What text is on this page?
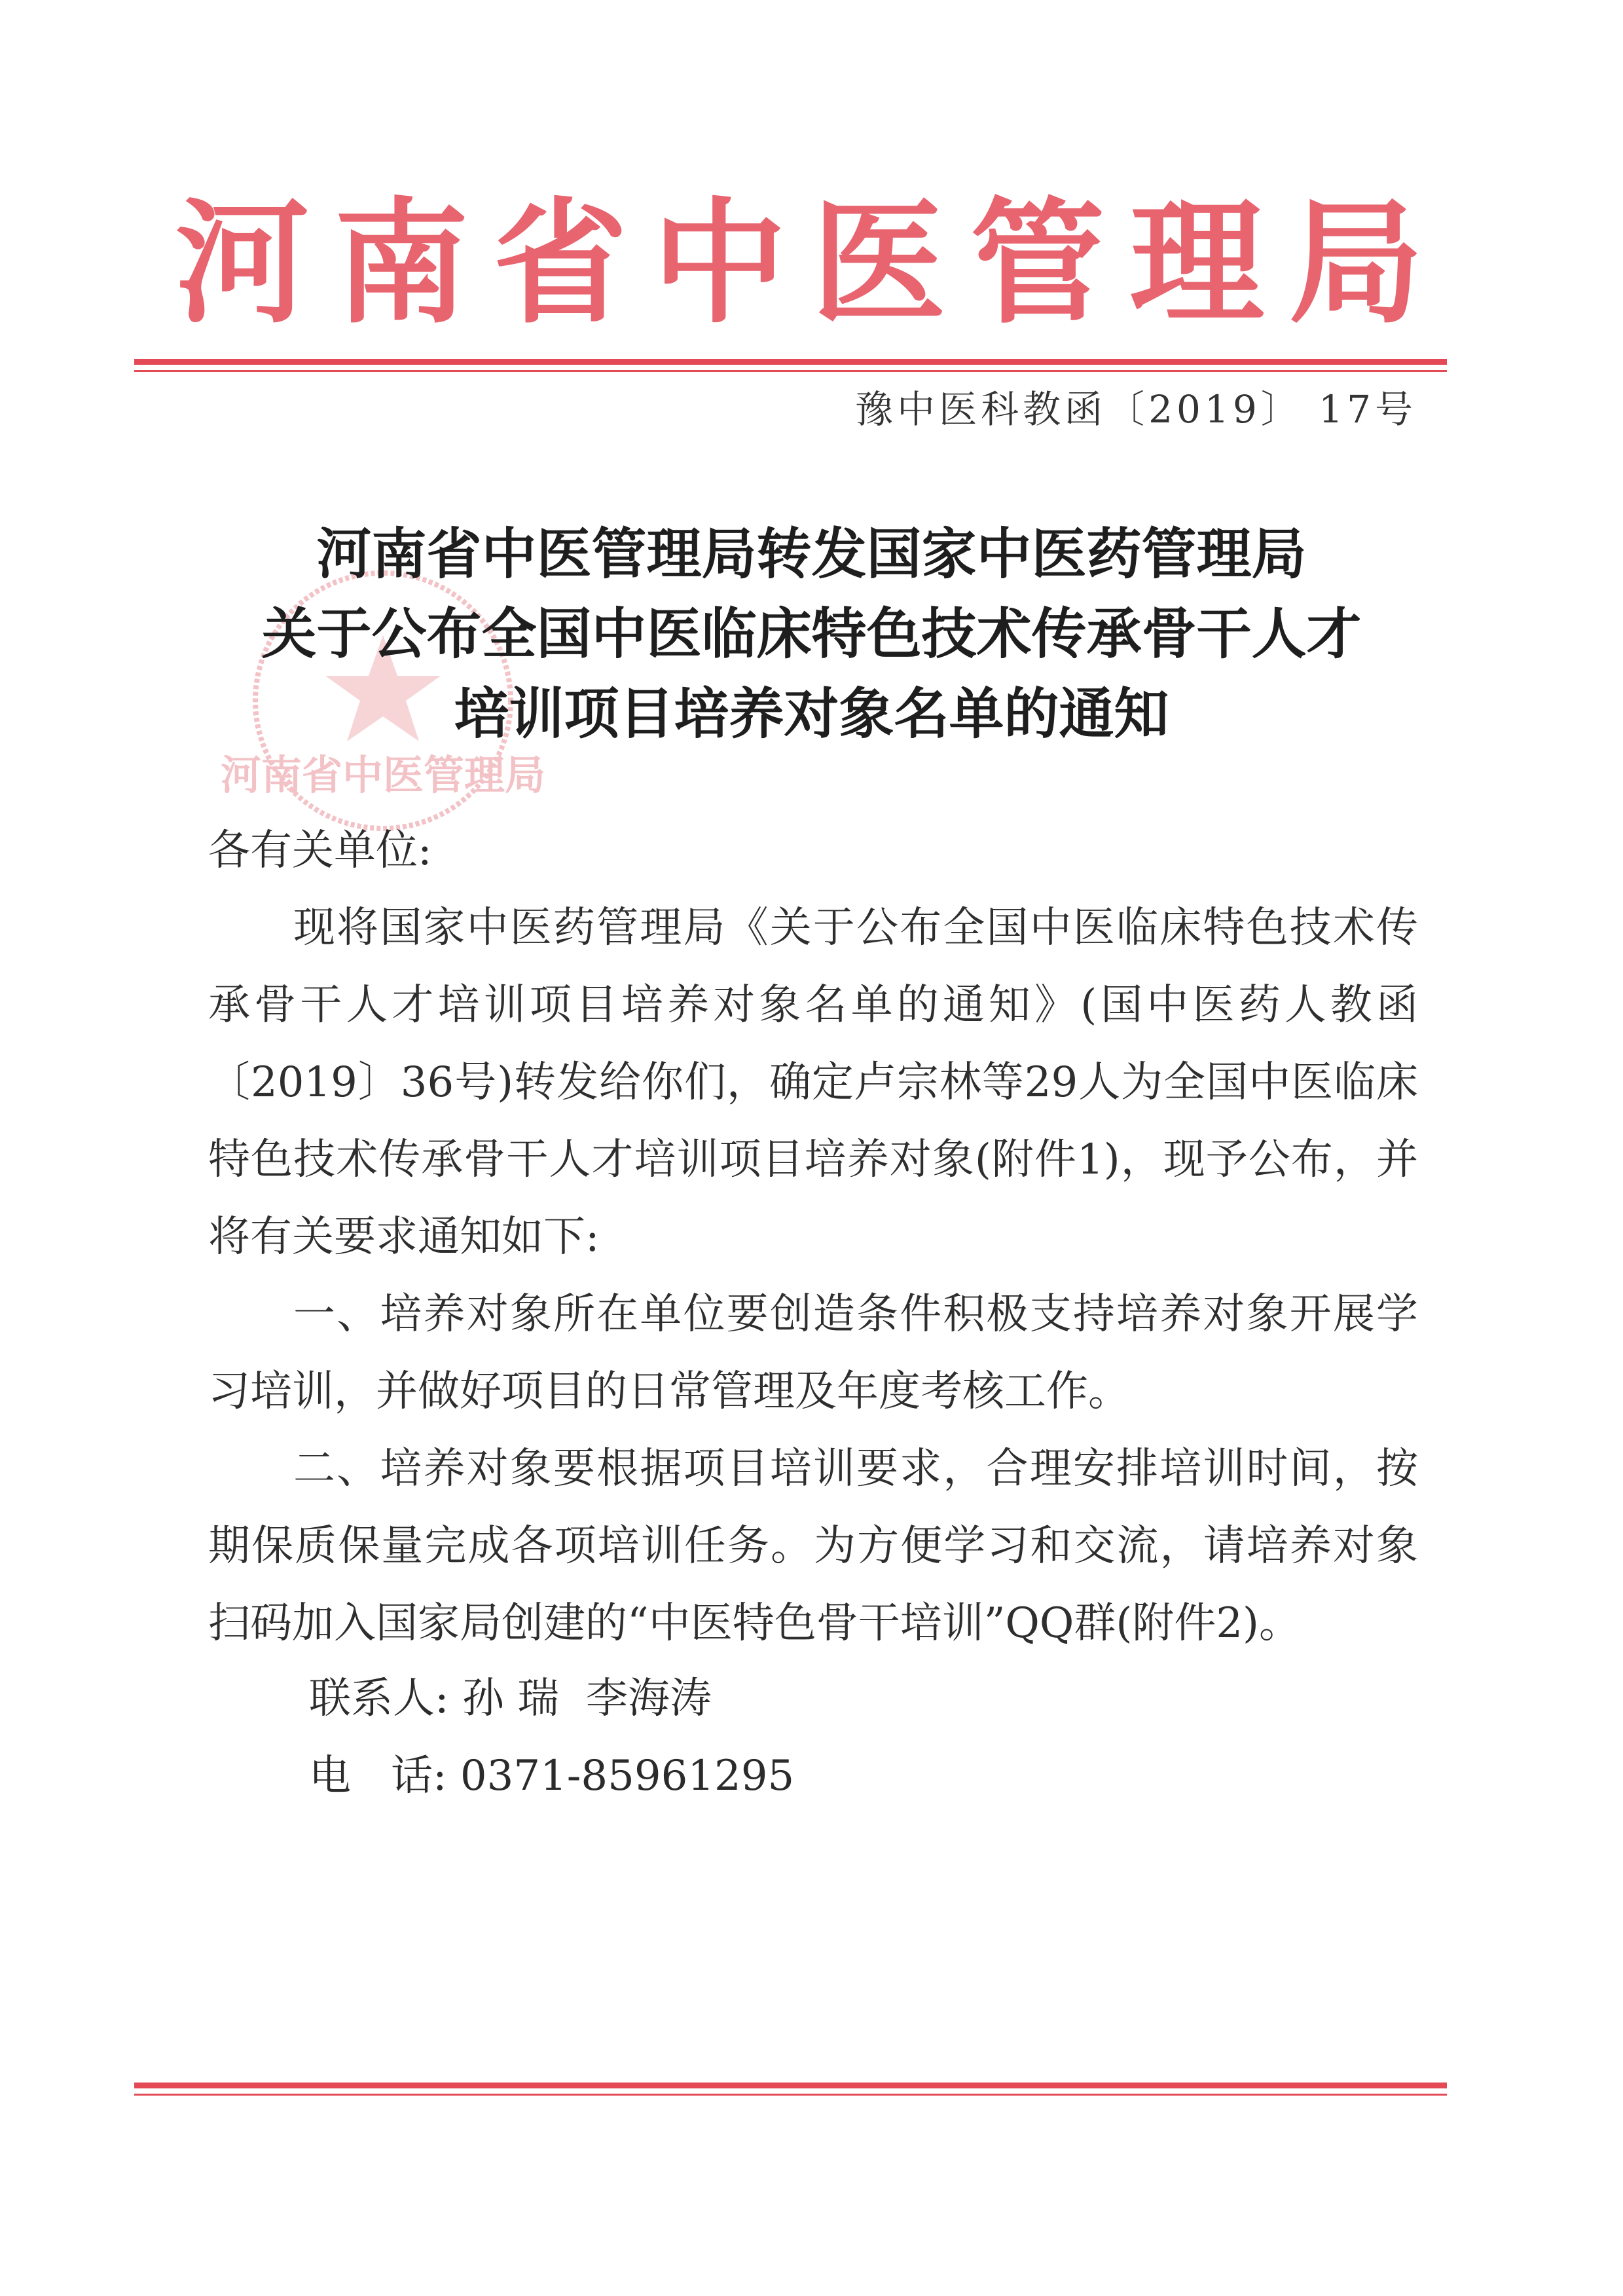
河南省中医管理局
豫中医科教函〔2019〕 17号
河南省中医管理局
河南省中医管理局转发国家中医药管理局
关于公布全国中医临床特色技术传承骨干人才
培训项目培养对象名单的通知
各有关单位:

现将国家中医药管理局《关于公布全国中医临床特色技术传承骨干人才培训项目培养对象名单的通知》(国中医药人教函〔2019〕36号)转发给你们，确定卢宗林等29人为全国中医临床特色技术传承骨干人才培训项目培养对象(附件1)，现予公布，并将有关要求通知如下:

一、培养对象所在单位要创造条件积极支持培养对象开展学习培训，并做好项目的日常管理及年度考核工作。

二、培养对象要根据项目培训要求，合理安排培训时间，按期保质保量完成各项培训任务。为方便学习和交流，请培养对象扫码加入国家局创建的“中医特色骨干培训”QQ群(附件2)。

联系人: 孙 瑞  李海涛
电   话: 0371-85961295
